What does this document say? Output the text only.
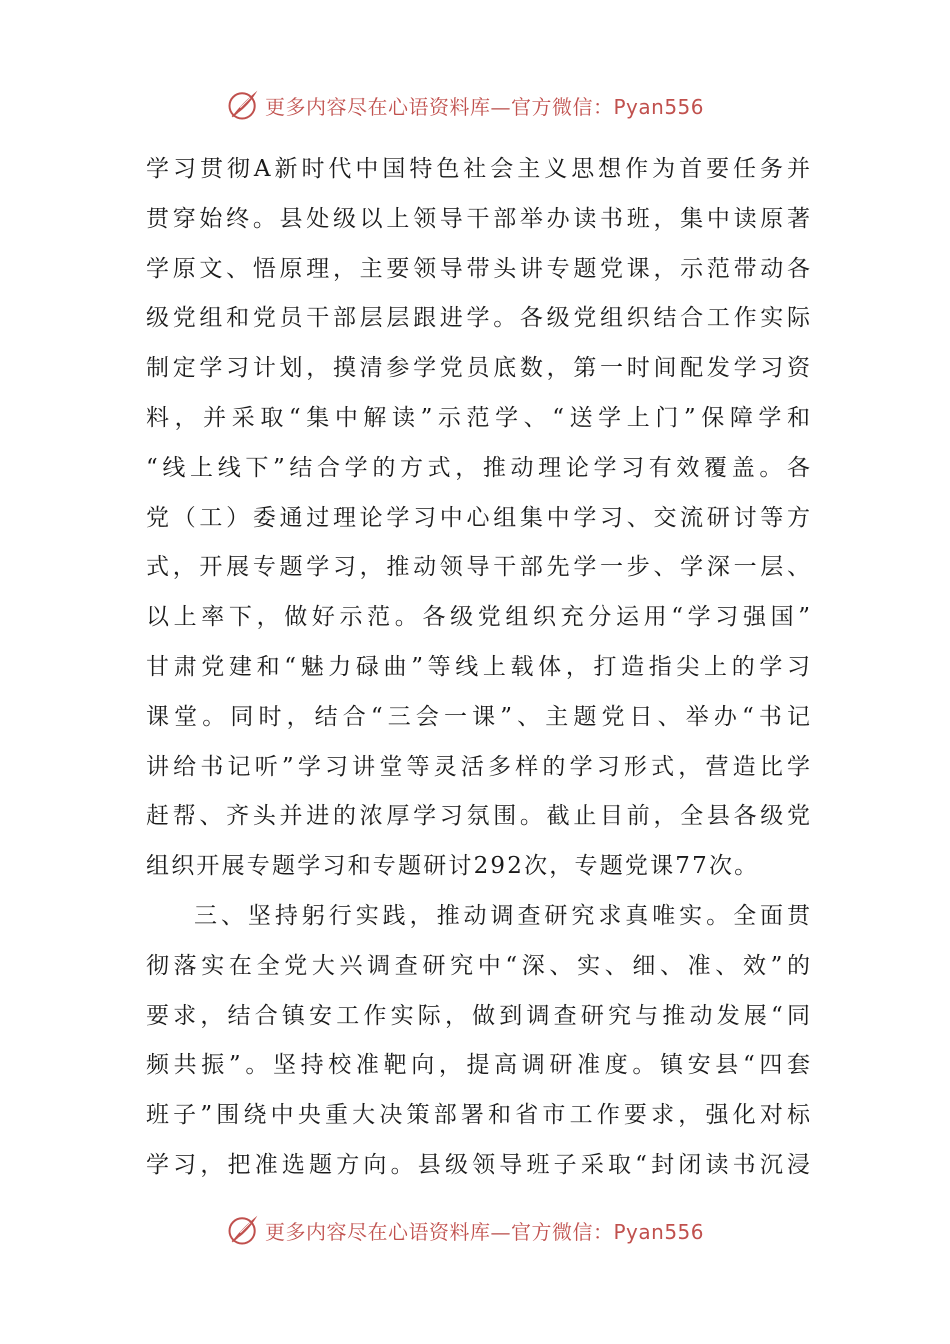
更多内容尽在心语资料库—官方微信：Pyan556
学习贯彻A新时代中国特色社会主义思想作为首要任务并
贯穿始终。县处级以上领导干部举办读书班，集中读原著
学原文、悟原理，主要领导带头讲专题党课，示范带动各
级党组和党员干部层层跟进学。各级党组织结合工作实际
制定学习计划，摸清参学党员底数，第一时间配发学习资
料，并采取“集中解读”示范学、“送学上门”保障学和
“线上线下”结合学的方式，推动理论学习有效覆盖。各
党（工）委通过理论学习中心组集中学习、交流研讨等方
式，开展专题学习，推动领导干部先学一步、学深一层、
以上率下，做好示范。各级党组织充分运用“学习强国”
甘肃党建和“魅力碌曲”等线上载体，打造指尖上的学习
课堂。同时，结合“三会一课”、主题党日、举办“书记
讲给书记听”学习讲堂等灵活多样的学习形式，营造比学
赶帮、齐头并进的浓厚学习氛围。截止目前，全县各级党
组织开展专题学习和专题研讨292次，专题党课77次。
三、坚持躬行实践，推动调查研究求真唯实。全面贯
彻落实在全党大兴调查研究中“深、实、细、准、效”的
要求，结合镇安工作实际，做到调查研究与推动发展“同
频共振”。坚持校准靶向，提高调研准度。镇安县“四套
班子”围绕中央重大决策部署和省市工作要求，强化对标
学习，把准选题方向。县级领导班子采取“封闭读书沉浸
更多内容尽在心语资料库—官方微信：Pyan556
